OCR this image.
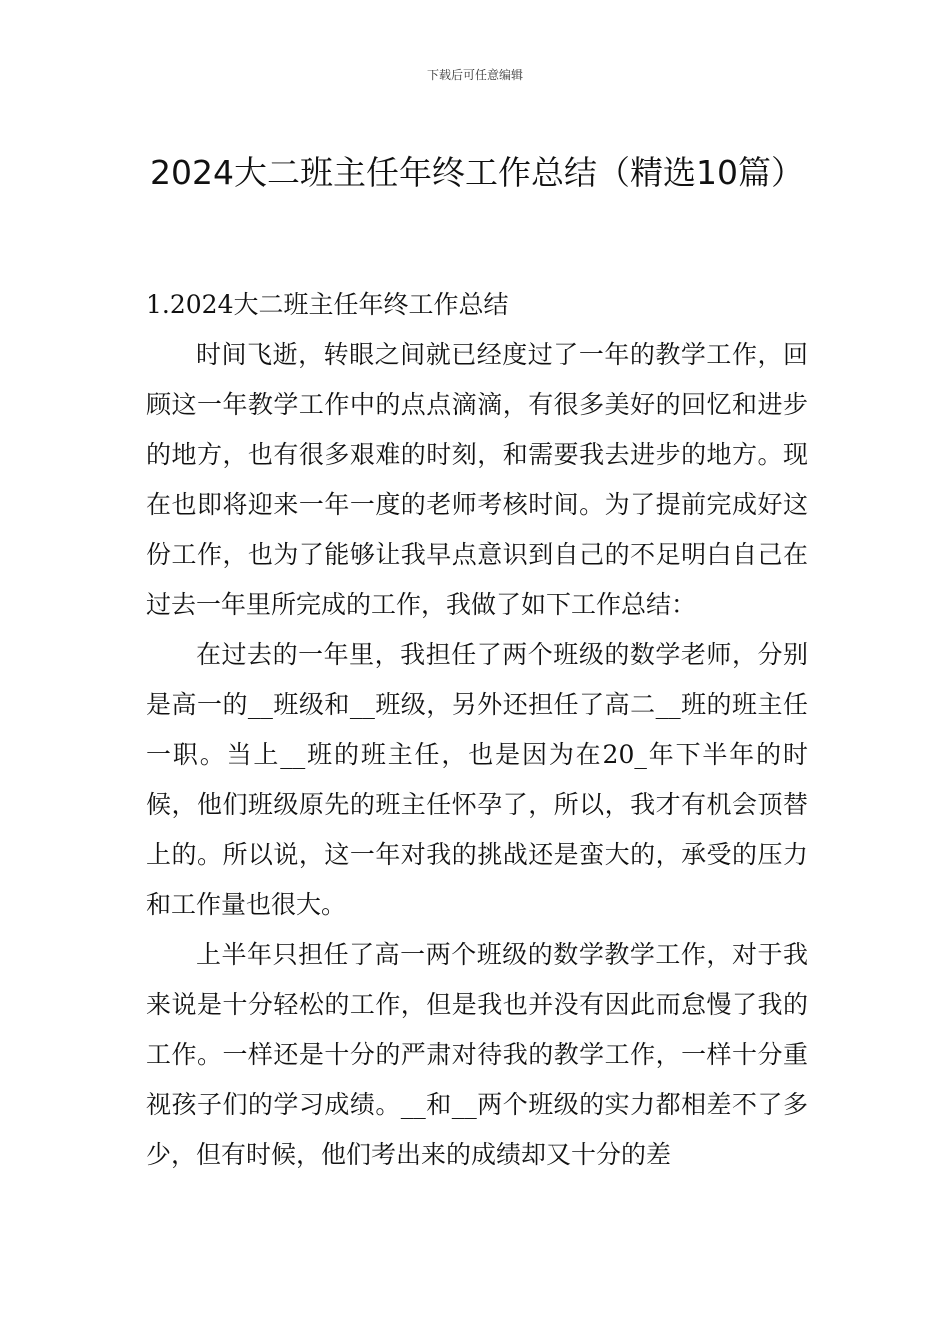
下载后可任意编辑
2024大二班主任年终工作总结（精选10篇）

1.2024大二班主任年终工作总结

时间飞逝，转眼之间就已经度过了一年的教学工作，回顾这一年教学工作中的点点滴滴，有很多美好的回忆和进步的地方，也有很多艰难的时刻，和需要我去进步的地方。现在也即将迎来一年一度的老师考核时间。为了提前完成好这份工作，也为了能够让我早点意识到自己的不足明白自己在过去一年里所完成的工作，我做了如下工作总结：

在过去的一年里，我担任了两个班级的数学老师，分别是高一的__班级和__班级，另外还担任了高二__班的班主任一职。当上__班的班主任，也是因为在20_年下半年的时候，他们班级原先的班主任怀孕了，所以，我才有机会顶替上的。所以说，这一年对我的挑战还是蛮大的，承受的压力和工作量也很大。

上半年只担任了高一两个班级的数学教学工作，对于我来说是十分轻松的工作，但是我也并没有因此而怠慢了我的工作。一样还是十分的严肃对待我的教学工作，一样十分重视孩子们的学习成绩。__和__两个班级的实力都相差不了多少，但有时候，他们考出来的成绩却又十分的差
